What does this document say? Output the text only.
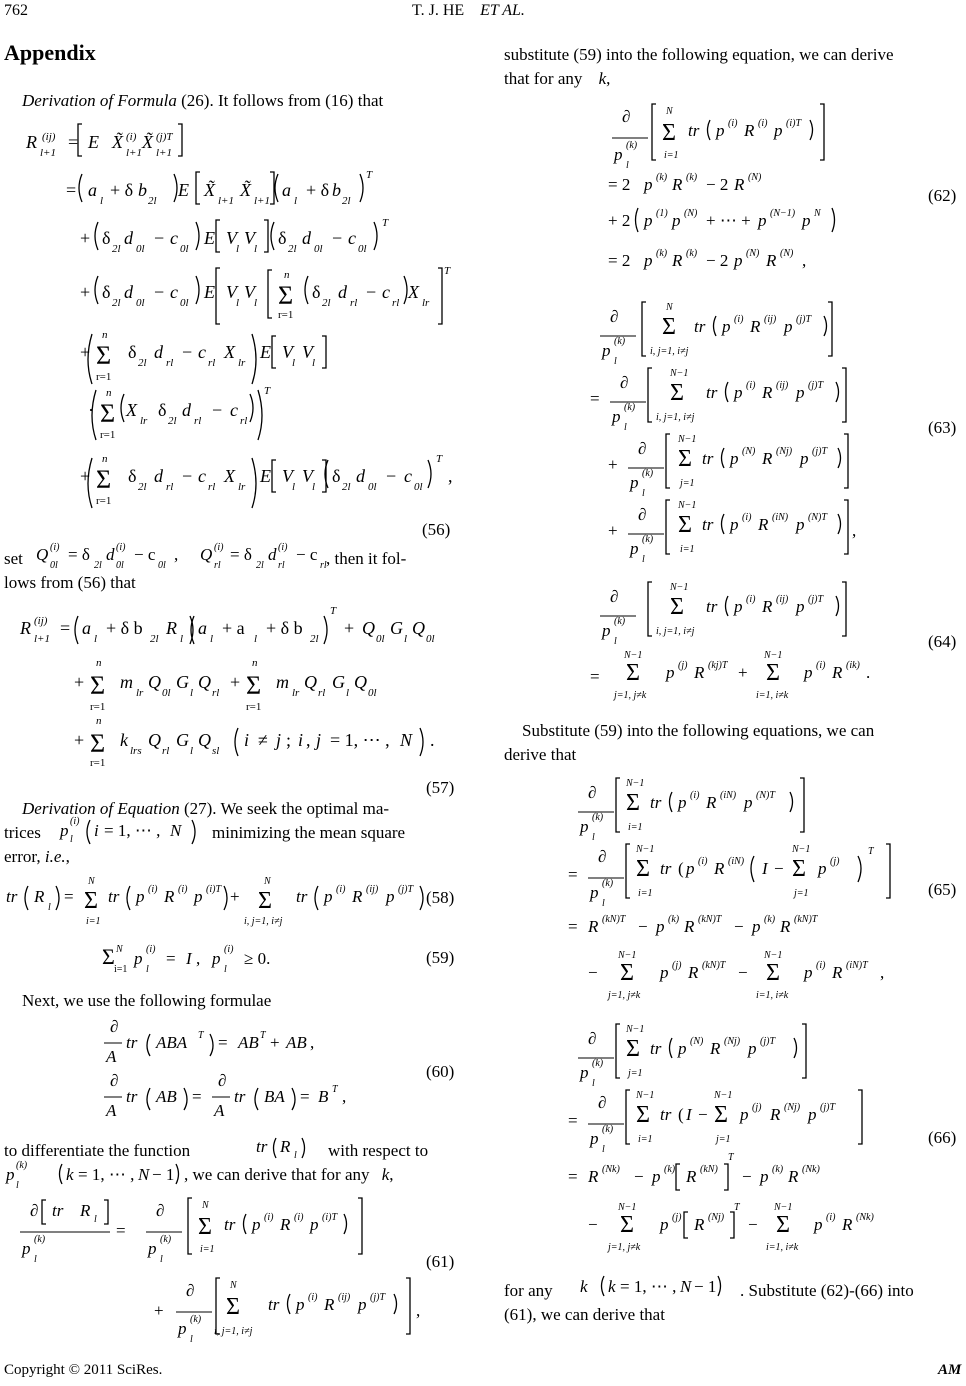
762	T. J. HE ET AL.
Appendix
Derivation of Formula (26). It follows from (16) that
R (ij)
l+1
= E X̃ (i)
l+1
X̃ (j)T
l+1
= a
l
+ δ b
2l
E X̃
l+1
X̃
l+1
a
l
+ δ b
2l
T
+ δ
2l
d
0l
− c
0l
E V
l
V
l
δ
2l
d
0l
− c
0l
T
+ δ
2l
d
0l
− c
0l
E V
l
V
l Σ
n
r=1
δ
2l
d
rl
− c
rl
X
lr
T
+ Σ
n
r=1
δ
2l
d
rl
− c
rl
X
lr
E V
l
V
l
· Σ
n
r=1
X
lr
δ
2l
d
rl
− c
rl
T
+ Σ
n
r=1
δ
2l
d
rl
− c
rl
X
lr
E V
l
V
l
δ
2l
d
0l
− c
0l
T
,
(56)
set Q (i)
0l
= δ
2l
d (i)
0l
− c
0l
, Q (i)
rl
= δ
2l
d (i)
rl
− c
rl , then it fol-
lows from (56) that
R (ij)
l+1
= a
l
+ δ b
2l
R
l
a
l
+ a
l
+ δ b
2l
T
+ Q
0l
G
l
Q
0l
+ Σ
n
r=1
m
lr
Q
0l
G
l
Q
rl
+ Σ
n
r=1
m
lr
Q
rl
G
l
Q
0l
+ Σ
n
r=1
k
lrs
Q
rl
G
l
Q
sl
i ≠ j ; i , j = 1, ⋯ , N .
(57)
Derivation of Equation (27). We seek the optimal ma-
trices p (i)
l i = 1, ⋯ , N minimizing the mean square
error, i.e.,
tr R
l
= Σ
N
i=1
tr p (i) R (i) p (i)T + Σ
N
i, j=1, i≠j
tr p (i) R (ij) p (j)T (58)
Σ N
i=1
p (i)
l
= I , p (i)
l
≥ 0.	(59)
Next, we use the following formulae
∂
A
tr ABA T = AB T + AB ,
∂
A
tr AB =
∂
A
tr BA = B T ,
(60)
to differentiate the function	tr R l with respect to
p (k)
l
k = 1, ⋯ , N − 1 , we can derive that for any k,
∂ tr R l
p (k)
l
=
∂
p (k)
l
Σ
N
i=1
tr p (i) R (i) p (i)T
+
∂
p (k)
l
Σ
N
i, j=1, i≠j
tr p (i) R (ij) p (j)T
,
(61)
substitute (59) into the following equation, we can derive
that for any k,
∂
p (k)
l
Σ
N
i=1
tr p (i) R (i) p (i)T
= 2 p (k) R (k) − 2 R (N)
+ 2 p (1) p (N) + ⋯ + p (N−1) p N
= 2 p (k) R (k) − 2 p (N) R (N) ,
(62)
∂
p (k)
l
Σ
N
i, j=1, i≠j
tr p (i) R (ij) p (j)T
=
∂
p (k)
l
Σ
N−1
i, j=1, i≠j
tr p (i) R (ij) p (j)T
+
∂
p (k)
l
Σ
N−1
j=1
tr p (N) R (Nj) p (j)T
+
∂
p (k)
l
Σ
N−1
i=1
tr p (i) R (iN) p (N)T
,
(63)
∂
p (k)
l
Σ
N−1
i, j=1, i≠j
tr p (i) R (ij) p (j)T
= Σ
N−1
j=1, j≠k
p (j) R (kj)T + Σ
N−1
i=1, i≠k
p (i) R (ik) .
(64)
Substitute (59) into the following equations, we can
derive that
∂
p (k)
l
Σ
N−1
i=1
tr p (i) R (iN) p (N)T
=
∂
p (k)
l
Σ
N−1
i=1
tr ( p (i) R (iN) I − Σ
N−1
j=1
p (j)
T
= R (kN)T − p (k) R (kN)T − p (k) R (kN)T
− Σ
N−1
j=1, j≠k
p (j) R (kN)T − Σ
N−1
i=1, i≠k
p (i) R (iN)T ,
(65)
∂
p (k)
l
Σ
N−1
j=1
tr p (N) R (Nj) p (j)T
=
∂
p (k)
l
Σ
N−1
i=1
tr ( I − Σ
N−1
j=1
p (j) R (Nj) p (j)T
= R (Nk) − p (k) R (kN)
T
− p (k) R (Nk)
− Σ
N−1
j=1, j≠k
p (j) R (Nj)
T
− Σ
N−1
i=1, i≠k
p (i) R (Nk)
(66)
for any k k = 1, ⋯ , N − 1 . Substitute (62)-(66) into
(61), we can derive that
Copyright © 2011 SciRes.	AM
